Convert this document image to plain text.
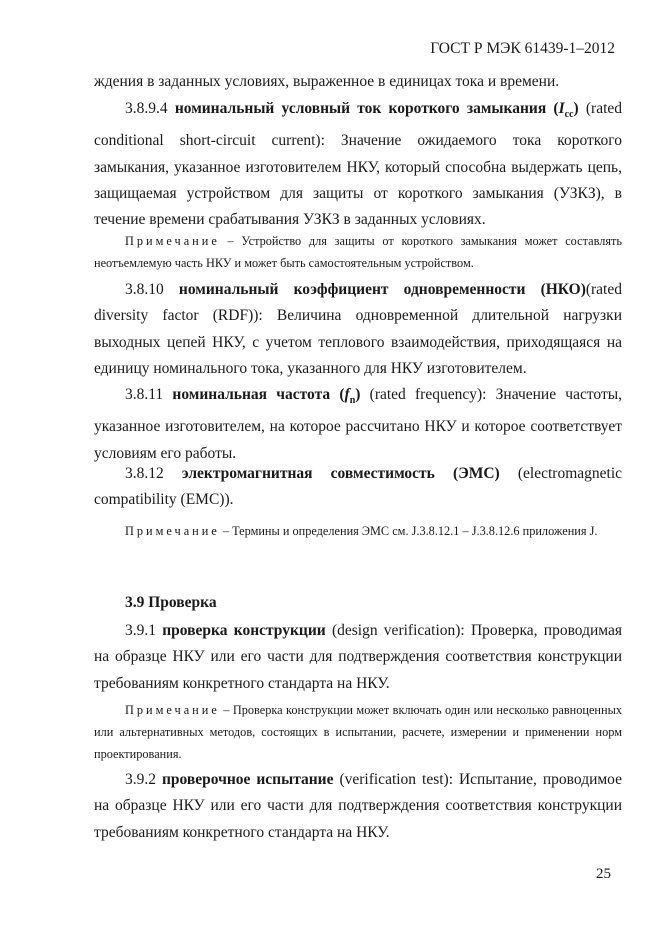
ГОСТ Р МЭК 61439-1–2012

ждения в заданных условиях, выраженное в единицах тока и времени.

3.8.9.4 номинальный условный ток короткого замыкания $(I_{cc})$ (rated conditional short-circuit current): Значение ожидаемого тока короткого замыкания, указанное изготовителем НКУ, который способна выдержать цепь, защищаемая устройством для защиты от короткого замыкания (УЗКЗ), в течение времени срабатывания УЗКЗ в заданных условиях.

Примечание – Устройство для защиты от короткого замыкания может составлять неотъемлемую часть НКУ и может быть самостоятельным устройством.

3.8.10 номинальный коэффициент одновременности (НКО)(rated diversity factor (RDF)): Величина одновременной длительной нагрузки выходных цепей НКУ, с учетом теплового взаимодействия, приходящаяся на единицу номинального тока, указанного для НКУ изготовителем.

3.8.11 номинальная частота $(f_n)$ (rated frequency): Значение частоты, указанное изготовителем, на которое рассчитано НКУ и которое соответствует условиям его работы.

3.8.12 электромагнитная совместимость (ЭМС) (electromagnetic compatibility (EMC)).

Примечание – Термины и определения ЭМС см. J.3.8.12.1 – J.3.8.12.6 приложения J.

3.9 Проверка

3.9.1 проверка конструкции (design verification): Проверка, проводимая на образце НКУ или его части для подтверждения соответствия конструкции требованиям конкретного стандарта на НКУ.

Примечание – Проверка конструкции может включать один или несколько равноценных или альтернативных методов, состоящих в испытании, расчете, измерении и применении норм проектирования.

3.9.2 проверочное испытание (verification test): Испытание, проводимое на образце НКУ или его части для подтверждения соответствия конструкции требованиям конкретного стандарта на НКУ.

25
